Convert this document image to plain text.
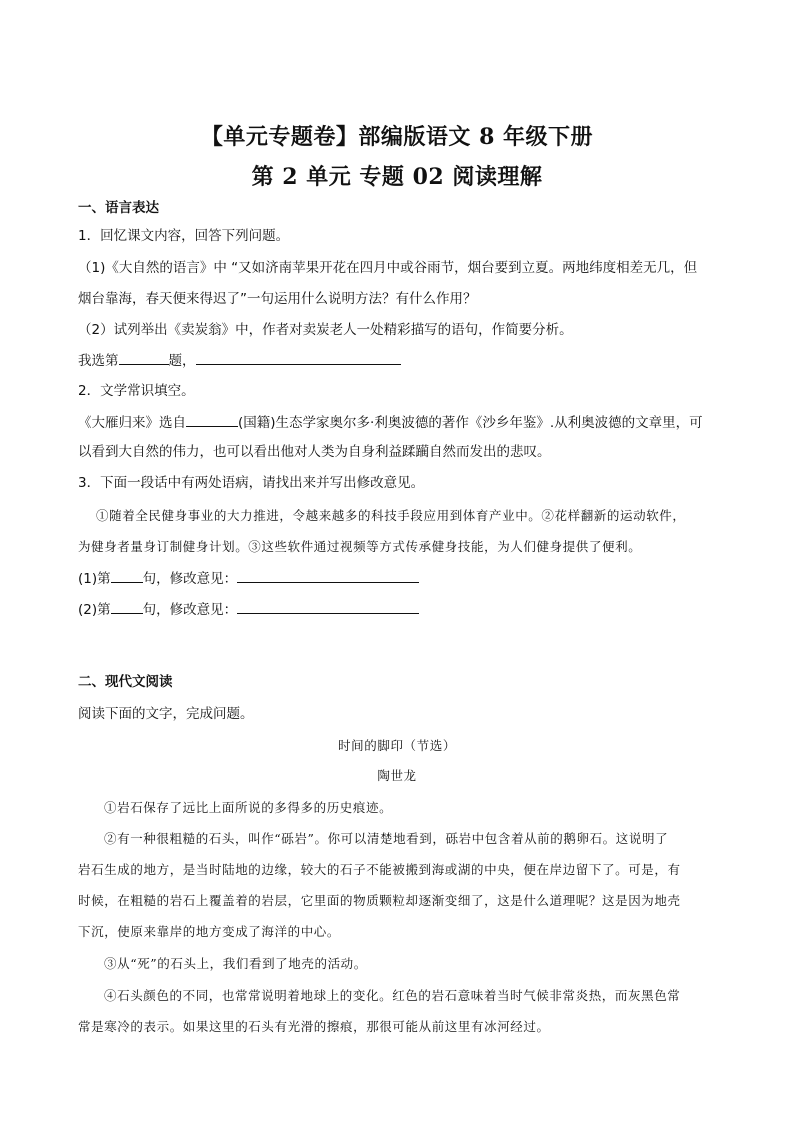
【单元专题卷】部编版语文 8 年级下册
第 2 单元 专题 02 阅读理解
一、语言表达
1．回忆课文内容，回答下列问题。
（1)《大自然的语言》中 “又如济南苹果开花在四月中或谷雨节，烟台要到立夏。两地纬度相差无几，但
烟台靠海，春天便来得迟了”一句运用什么说明方法？有什么作用？
（2）试列举出《卖炭翁》中，作者对卖炭老人一处精彩描写的语句，作简要分析。
我选第	题，
2．文学常识填空。
《大雁归来》选自	(国籍)生态学家奥尔多·利奥波德的著作《沙乡年鉴》.从利奥波德的文章里，可
以看到大自然的伟力，也可以看出他对人类为自身利益蹂躏自然而发出的悲叹。
3．下面一段话中有两处语病，请找出来并写出修改意见。
①随着全民健身事业的大力推进，令越来越多的科技手段应用到体育产业中。②花样翻新的运动软件，
为健身者量身订制健身计划。③这些软件通过视频等方式传承健身技能，为人们健身提供了便利。
(1)第 句，修改意见：
(2)第 句，修改意见：
二、现代文阅读
阅读下面的文字，完成问题。
时间的脚印（节选）
陶世龙
①岩石保存了远比上面所说的多得多的历史痕迹。
②有一种很粗糙的石头，叫作“砾岩”。你可以清楚地看到，砾岩中包含着从前的鹅卵石。这说明了
岩石生成的地方，是当时陆地的边缘，较大的石子不能被搬到海或湖的中央，便在岸边留下了。可是，有
时候，在粗糙的岩石上覆盖着的岩层，它里面的物质颗粒却逐渐变细了，这是什么道理呢？这是因为地壳
下沉，使原来靠岸的地方变成了海洋的中心。
③从“死”的石头上，我们看到了地壳的活动。
④石头颜色的不同，也常常说明着地球上的变化。红色的岩石意味着当时气候非常炎热，而灰黑色常
常是寒冷的表示。如果这里的石头有光滑的擦痕，那很可能从前这里有冰河经过。
